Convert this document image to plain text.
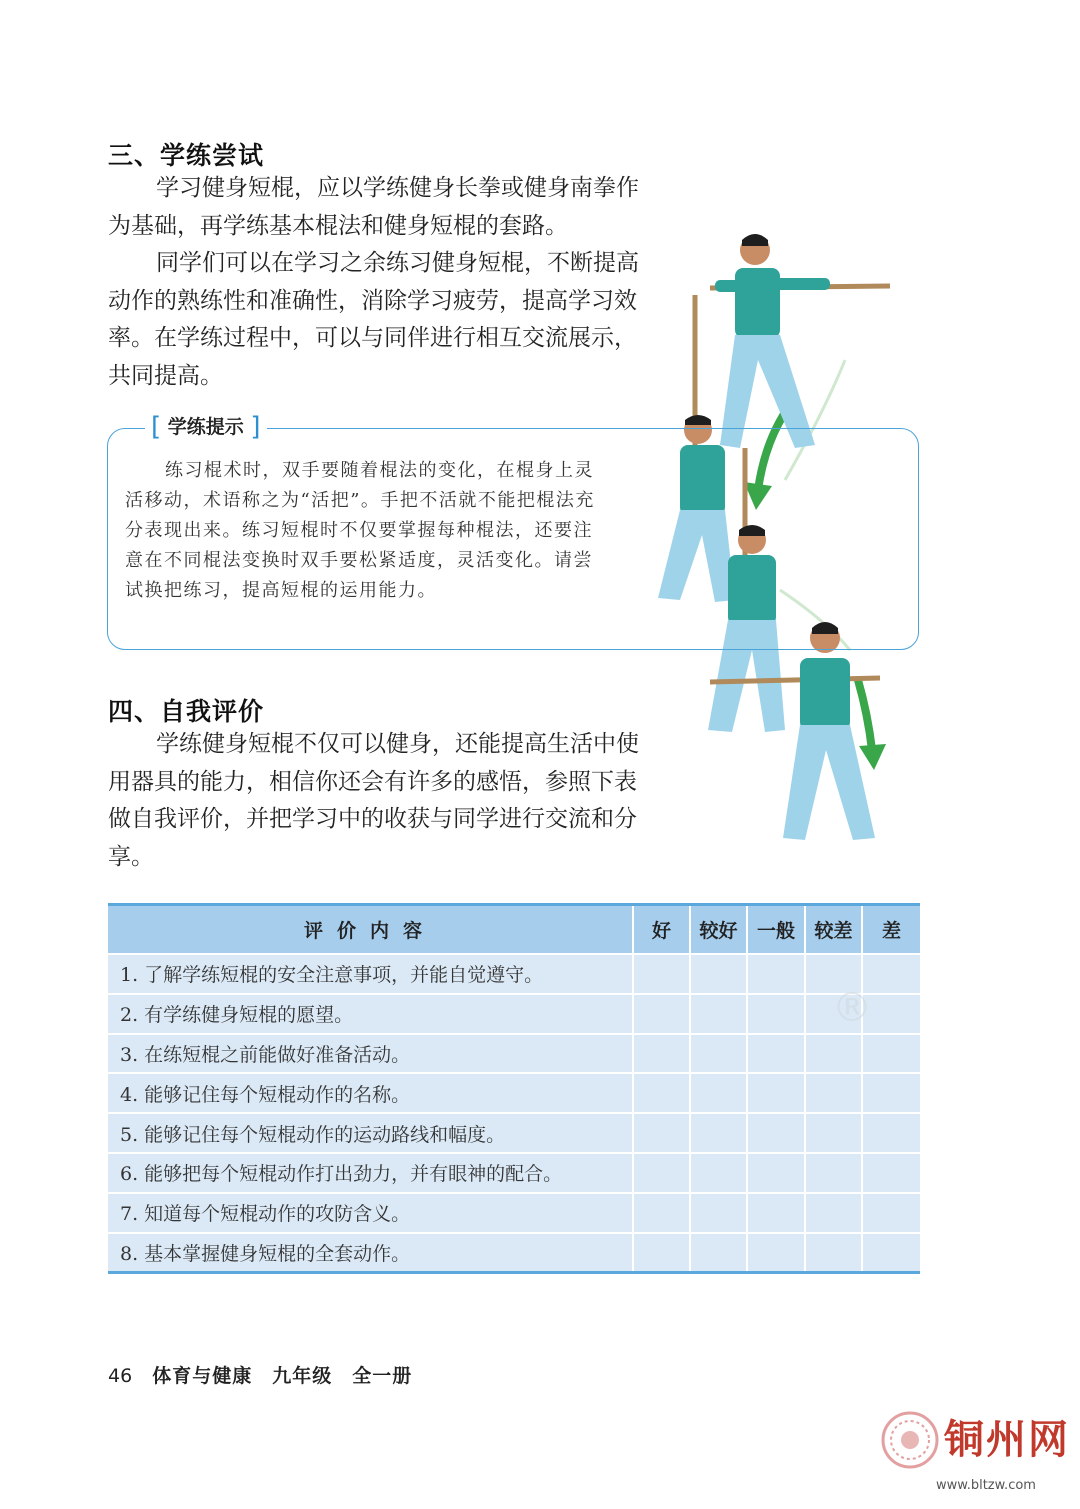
三、学练尝试

学习健身短棍，应以学练健身长拳或健身南拳作为基础，再学练基本棍法和健身短棍的套路。

同学们可以在学习之余练习健身短棍，不断提高动作的熟练性和准确性，消除学习疲劳，提高学习效率。在学练过程中，可以与同伴进行相互交流展示，共同提高。

[ 学练提示 ]

练习棍术时，双手要随着棍法的变化，在棍身上灵活移动，术语称之为“活把”。手把不活就不能把棍法充分表现出来。练习短棍时不仅要掌握每种棍法，还要注意在不同棍法变换时双手要松紧适度，灵活变化。请尝试换把练习，提高短棍的运用能力。

四、自我评价

学练健身短棍不仅可以健身，还能提高生活中使用器具的能力，相信你还会有许多的感悟，参照下表做自我评价，并把学习中的收获与同学进行交流和分享。

评价内容	好	较好	一般	较差	差
1. 了解学练短棍的安全注意事项，并能自觉遵守。					
2. 有学练健身短棍的愿望。					
3. 在练短棍之前能做好准备活动。					
4. 能够记住每个短棍动作的名称。					
5. 能够记住每个短棍动作的运动路线和幅度。					
6. 能够把每个短棍动作打出劲力，并有眼神的配合。					
7. 知道每个短棍动作的攻防含义。					
8. 基本掌握健身短棍的全套动作。					
®
46 体育与健康　九年级　全一册
铜州网
www.bltzw.com
